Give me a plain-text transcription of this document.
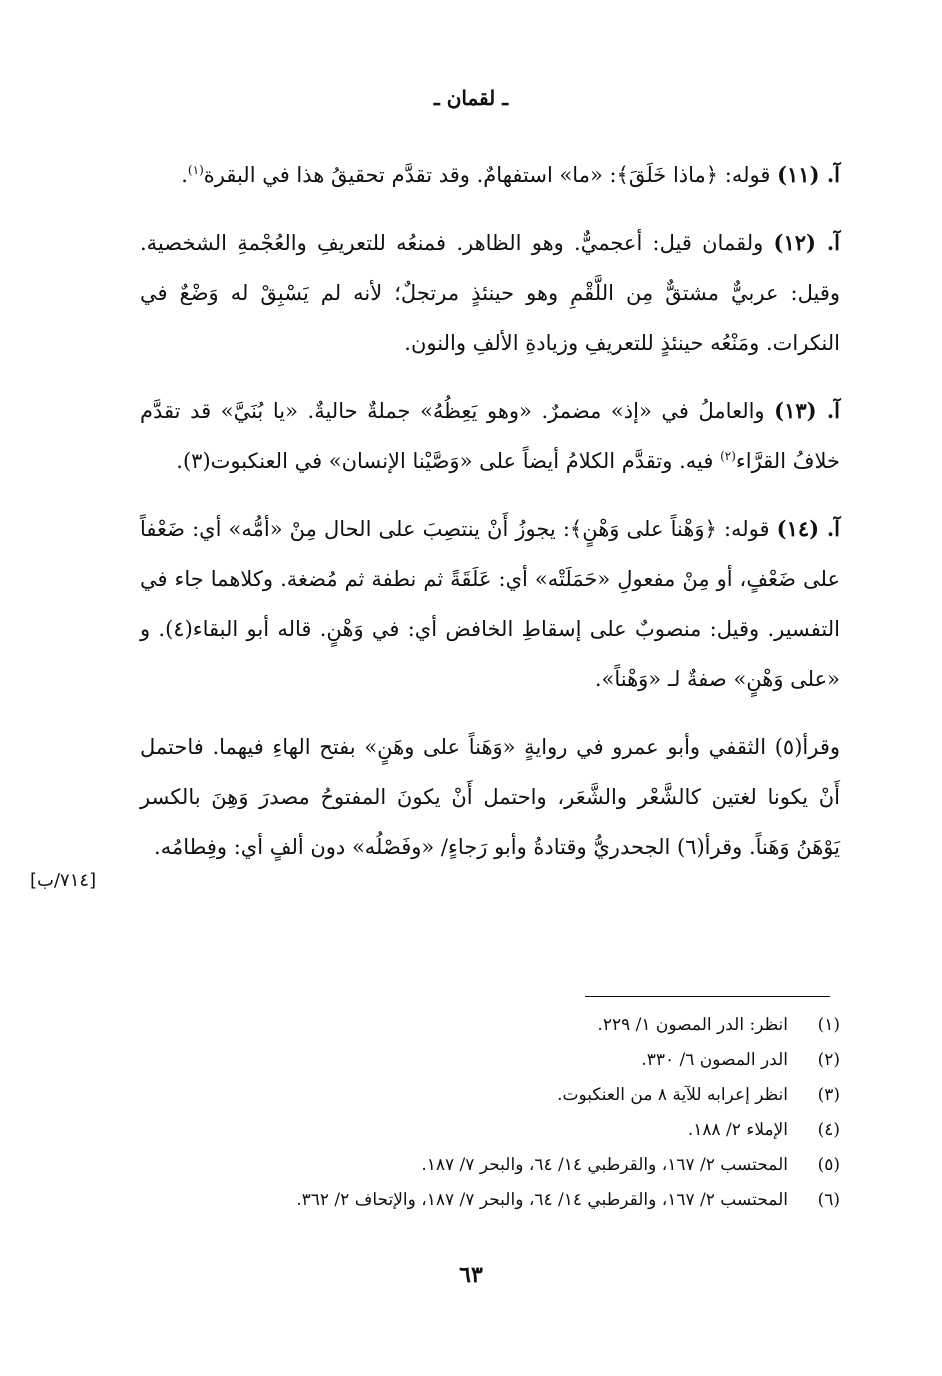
ـ لقمان ـ

آ. (١١) قوله: ﴿ماذا خَلَقَ﴾: «ما» استفهامٌ. وقد تقدَّم تحقيقُ هذا في البقرة$^{(١)}$.

آ. (١٢) ولقمان قيل: أعجميٌّ. وهو الظاهر. فمنعُه للتعريفِ والعُجْمةِ الشخصية. وقيل: عربيٌّ مشتقٌّ مِن اللَّقْمِ وهو حينئذٍ مرتجلٌ؛ لأنه لم يَسْبِقْ له وَضْعٌ في النكرات. ومَنْعُه حينئذٍ للتعريفِ وزيادةِ الألفِ والنون.

آ. (١٣) والعاملُ في «إذ» مضمرٌ. «وهو يَعِظُهُ» جملةٌ حاليةٌ. «يا بُنَيَّ» قد تقدَّم خلافُ القرَّاء$^{(٢)}$ فيه. وتقدَّم الكلامُ أيضاً على «وَصَّيْنا الإنسان» في العنكبوت(٣).

آ. (١٤) قوله: ﴿وَهْناً على وَهْنٍ﴾: يجوزُ أَنْ ينتصِبَ على الحال مِنْ «أمُّه» أي: ضَعْفاً على ضَعْفٍ، أو مِنْ مفعولِ «حَمَلَتْه» أي: عَلَقَةً ثم نطفة ثم مُضغة. وكلاهما جاء في التفسير. وقيل: منصوبٌ على إسقاطِ الخافض أي: في وَهْنٍ. قاله أبو البقاء(٤). و «على وَهْنٍ» صفةٌ لـ «وَهْناً».

وقرأ(٥) الثقفي وأبو عمرو في روايةٍ «وَهَناً على وهَنٍ» بفتح الهاءِ فيهما. فاحتمل أَنْ يكونا لغتين كالشَّعْر والشَّعَر، واحتمل أَنْ يكونَ المفتوحُ مصدرَ وَهِنَ بالكسر يَوْهَنُ وَهَناً. وقرأ(٦) الجحدريُّ وقتادةُ وأبو رَجاءٍ/ «وفَصْلُه» دون ألفٍ أي: وفِطامُه.

[٧١٤/ب]
(١)انظر: الدر المصون ١/ ٢٢٩.
(٢)الدر المصون ٦/ ٣٣٠.
(٣)انظر إعرابه للآية ٨ من العنكبوت.
(٤)الإملاء ٢/ ١٨٨.
(٥)المحتسب ٢/ ١٦٧، والقرطبي ١٤/ ٦٤، والبحر ٧/ ١٨٧.
(٦)المحتسب ٢/ ١٦٧، والقرطبي ١٤/ ٦٤، والبحر ٧/ ١٨٧، والإتحاف ٢/ ٣٦٢.
٦٣
